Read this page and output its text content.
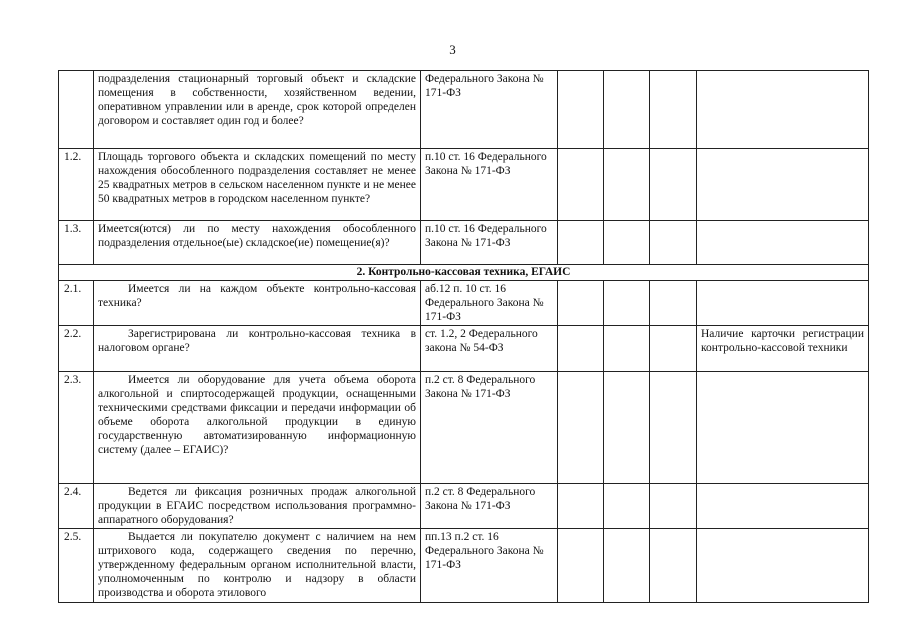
3
	подразделения стационарный торговый объект и складские помещения в собственности, хозяйственном ведении, оперативном управлении или в аренде, срок которой определен договором и составляет один год и более?	Федерального Закона № 171-ФЗ				
1.2.	Площадь торгового объекта и складских помещений по месту нахождения обособленного подразделения составляет не менее 25 квадратных метров в сельском населенном пункте и не менее 50 квадратных метров в городском населенном пункте?	п.10 ст. 16 Федерального Закона № 171-ФЗ				
1.3.	Имеется(ются) ли по месту нахождения обособленного подразделения отдельное(ые) складское(ие) помещение(я)?	п.10 ст. 16 Федерального Закона № 171-ФЗ				
2. Контрольно-кассовая техника, ЕГАИС						
2.1.	Имеется ли на каждом объекте контрольно-кассовая техника?	аб.12 п. 10 ст. 16 Федерального Закона № 171-ФЗ				
2.2.	Зарегистрирована ли контрольно-кассовая техника в налоговом органе?	ст. 1.2, 2 Федерального закона № 54-ФЗ				Наличие карточки регистрации контрольно-кассовой техники
2.3.	Имеется ли оборудование для учета объема оборота алкогольной и спиртосодержащей продукции, оснащенными техническими средствами фиксации и передачи информации об объеме оборота алкогольной продукции в единую государственную автоматизированную информационную систему (далее – ЕГАИС)?	п.2 ст. 8 Федерального Закона № 171-ФЗ				
2.4.	Ведется ли фиксация розничных продаж алкогольной продукции в ЕГАИС посредством использования программно-аппаратного оборудования?	п.2 ст. 8 Федерального Закона № 171-ФЗ				
2.5.	Выдается ли покупателю документ с наличием на нем штрихового кода, содержащего сведения по перечню, утвержденному федеральным органом исполнительной власти, уполномоченным по контролю и надзору в области производства и оборота этилового	пп.13 п.2 ст. 16 Федерального Закона № 171-ФЗ				
